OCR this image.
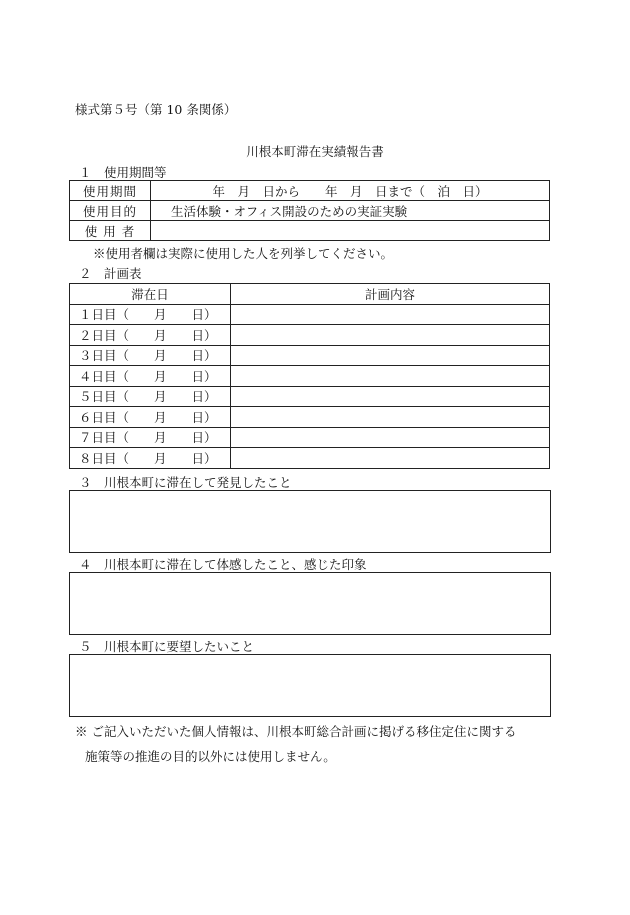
様式第５号（第 10 条関係）
川根本町滞在実績報告書
１　使用期間等
使用期間	年　月　日から　　年　月　日まで（　泊　日）
使用目的	生活体験・オフィス開設のための実証実験
使 用 者	
※使用者欄は実際に使用した人を列挙してください。
２　計画表
滞在日	計画内容
１日目（　　月　　日）	
２日目（　　月　　日）	
３日目（　　月　　日）	
４日目（　　月　　日）	
５日目（　　月　　日）	
６日目（　　月　　日）	
７日目（　　月　　日）	
８日目（　　月　　日）	
３　川根本町に滞在して発見したこと
４　川根本町に滞在して体感したこと、感じた印象
５　川根本町に要望したいこと
※ ご記入いただいた個人情報は、川根本町総合計画に掲げる移住定住に関する
施策等の推進の目的以外には使用しません。
